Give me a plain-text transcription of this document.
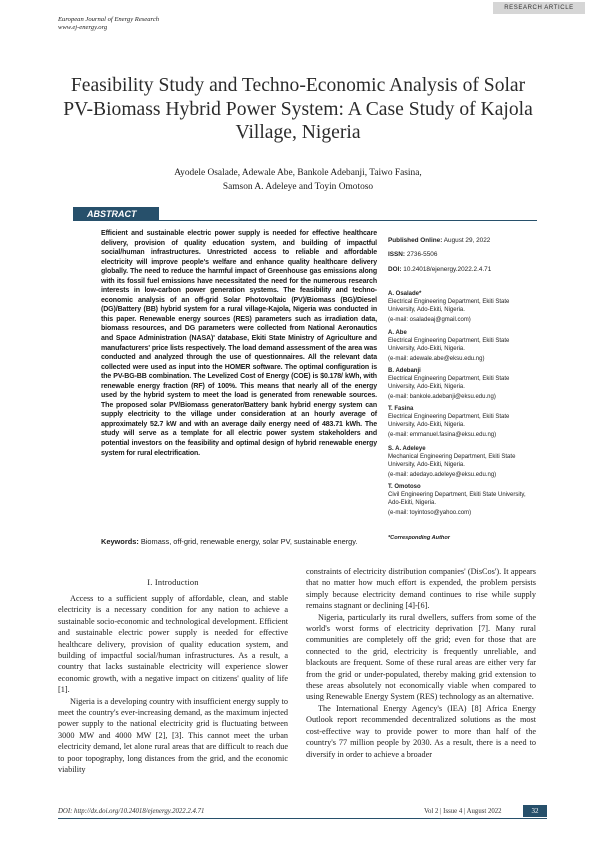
European Journal of Energy Research
www.ej-energy.org
RESEARCH ARTICLE
Feasibility Study and Techno-Economic Analysis of Solar PV-Biomass Hybrid Power System: A Case Study of Kajola Village, Nigeria
Ayodele Osalade, Adewale Abe, Bankole Adebanji, Taiwo Fasina,
Samson A. Adeleye and Toyin Omotoso
ABSTRACT
Efficient and sustainable electric power supply is needed for effective healthcare delivery, provision of quality education system, and building of impactful social/human infrastructures. Unrestricted access to reliable and affordable electricity will improve people's welfare and enhance quality healthcare delivery globally. The need to reduce the harmful impact of Greenhouse gas emissions along with its fossil fuel emissions have necessitated the need for the numerous research interests in low-carbon power generation systems. The feasibility and techno-economic analysis of an off-grid Solar Photovoltaic (PV)/Biomass (BG)/Diesel (DG)/Battery (BB) hybrid system for a rural village-Kajola, Nigeria was conducted in this paper. Renewable energy sources (RES) parameters such as irradiation data, biomass resources, and DG parameters were collected from National Aeronautics and Space Administration (NASA)' database, Ekiti State Ministry of Agriculture and manufacturers' price lists respectively. The load demand assessment of the area was conducted and analyzed through the use of questionnaires. All the relevant data collected were used as input into the HOMER software. The optimal configuration is the PV-BG-BB combination. The Levelized Cost of Energy (COE) is $0.178/ kWh, with renewable energy fraction (RF) of 100%. This means that nearly all of the energy used by the hybrid system to meet the load is generated from renewable sources. The proposed solar PV/Biomass generator/Battery bank hybrid energy system can supply electricity to the village under consideration at an hourly average of approximately 52.7 kW and with an average daily energy need of 483.71 kWh. The study will serve as a template for all electric power system stakeholders and potential investors on the feasibility and optimal design of hybrid renewable energy system for rural electrification.
Keywords: Biomass, off-grid, renewable energy, solar PV, sustainable energy.
Published Online: August 29, 2022
ISSN: 2736-5506
DOI: 10.24018/ejenergy.2022.2.4.71
A. Osalade*
Electrical Engineering Department, Ekiti State University, Ado-Ekiti, Nigeria.
(e-mail: osaladeaj@gmail.com)
A. Abe
Electrical Engineering Department, Ekiti State University, Ado-Ekiti, Nigeria.
(e-mail: adewale.abe@eksu.edu.ng)
B. Adebanji
Electrical Engineering Department, Ekiti State University, Ado-Ekiti, Nigeria.
(e-mail: bankole.adebanji@eksu.edu.ng)
T. Fasina
Electrical Engineering Department, Ekiti State University, Ado-Ekiti, Nigeria.
(e-mail: emmanuel.fasina@eksu.edu.ng)
S. A. Adeleye
Mechanical Engineering Department, Ekiti State University, Ado-Ekiti, Nigeria.
(e-mail: adedayo.adeleye@eksu.edu.ng)
T. Omotoso
Civil Engineering Department, Ekiti State University, Ado-Ekiti, Nigeria.
(e-mail: toyintoso@yahoo.com)
*Corresponding Author
I. Introduction

Access to a sufficient supply of affordable, clean, and stable electricity is a necessary condition for any nation to achieve a sustainable socio-economic and technological development. Efficient and sustainable electric power supply is needed for effective healthcare delivery, provision of quality education system, and building of impactful social/human infrastructures. As a result, a country that lacks sustainable electricity will experience slower economic growth, with a negative impact on citizens' quality of life [1].

Nigeria is a developing country with insufficient energy supply to meet the country's ever-increasing demand, as the maximum injected power supply to the national electricity grid is fluctuating between 3000 MW and 4000 MW [2], [3]. This cannot meet the urban electricity demand, let alone rural areas that are difficult to reach due to poor topography, long distances from the grid, and the economic viability

constraints of electricity distribution companies' (DisCos'). It appears that no matter how much effort is expended, the problem persists simply because electricity demand continues to rise while supply remains stagnant or declining [4]-[6].

Nigeria, particularly its rural dwellers, suffers from some of the world's worst forms of electricity deprivation [7]. Many rural communities are completely off the grid; even for those that are connected to the grid, electricity is frequently unreliable, and blackouts are frequent. Some of these rural areas are either very far from the grid or under-populated, thereby making grid extension to these areas absolutely not economically viable when compared to using Renewable Energy System (RES) technology as an alternative.

The International Energy Agency's (IEA) [8] Africa Energy Outlook report recommended decentralized solutions as the most cost-effective way to provide power to more than half of the country's 77 million people by 2030. As a result, there is a need to diversify in order to achieve a broader

DOI: http://dx.doi.org/10.24018/ejenergy.2022.2.4.71	Vol 2 | Issue 4 | August 2022	32
